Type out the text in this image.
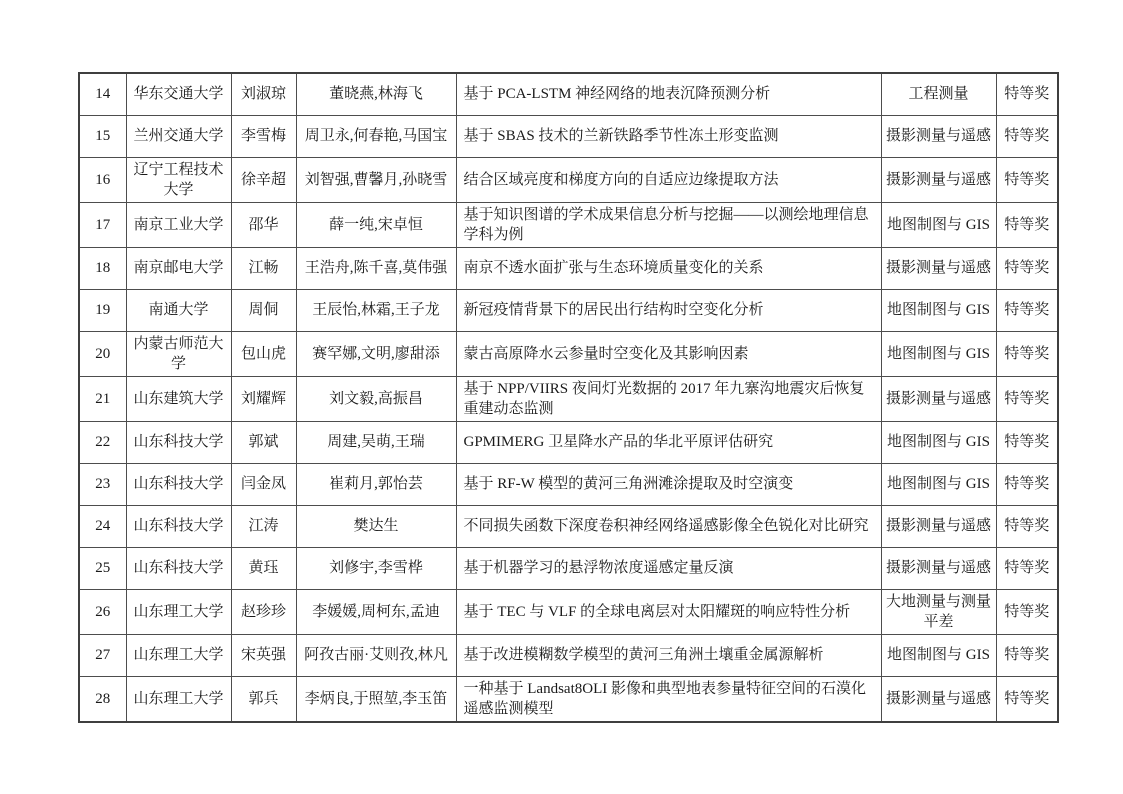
14	华东交通大学	刘淑琼	董晓燕,林海飞	基于 PCA-LSTM 神经网络的地表沉降预测分析	工程测量	特等奖
15	兰州交通大学	李雪梅	周卫永,何春艳,马国宝	基于 SBAS 技术的兰新铁路季节性冻土形变监测	摄影测量与遥感	特等奖
16	辽宁工程技术大学	徐辛超	刘智强,曹馨月,孙晓雪	结合区域亮度和梯度方向的自适应边缘提取方法	摄影测量与遥感	特等奖
17	南京工业大学	邵华	薛一纯,宋卓恒	基于知识图谱的学术成果信息分析与挖掘——以测绘地理信息学科为例	地图制图与 GIS	特等奖
18	南京邮电大学	江畅	王浩舟,陈千喜,莫伟强	南京不透水面扩张与生态环境质量变化的关系	摄影测量与遥感	特等奖
19	南通大学	周侗	王辰怡,林霜,王子龙	新冠疫情背景下的居民出行结构时空变化分析	地图制图与 GIS	特等奖
20	内蒙古师范大学	包山虎	赛罕娜,文明,廖甜添	蒙古高原降水云参量时空变化及其影响因素	地图制图与 GIS	特等奖
21	山东建筑大学	刘耀辉	刘文毅,高振昌	基于 NPP/VIIRS 夜间灯光数据的 2017 年九寨沟地震灾后恢复重建动态监测	摄影测量与遥感	特等奖
22	山东科技大学	郭斌	周建,吴萌,王瑞	GPMIMERG 卫星降水产品的华北平原评估研究	地图制图与 GIS	特等奖
23	山东科技大学	闫金凤	崔莉月,郭怡芸	基于 RF-W 模型的黄河三角洲滩涂提取及时空演变	地图制图与 GIS	特等奖
24	山东科技大学	江涛	樊达生	不同损失函数下深度卷积神经网络遥感影像全色锐化对比研究	摄影测量与遥感	特等奖
25	山东科技大学	黄珏	刘修宇,李雪桦	基于机器学习的悬浮物浓度遥感定量反演	摄影测量与遥感	特等奖
26	山东理工大学	赵珍珍	李媛媛,周柯东,孟迪	基于 TEC 与 VLF 的全球电离层对太阳耀斑的响应特性分析	大地测量与测量平差	特等奖
27	山东理工大学	宋英强	阿孜古丽·艾则孜,林凡	基于改进模糊数学模型的黄河三角洲土壤重金属源解析	地图制图与 GIS	特等奖
28	山东理工大学	郭兵	李炳良,于照堃,李玉笛	一种基于 Landsat8OLI 影像和典型地表参量特征空间的石漠化遥感监测模型	摄影测量与遥感	特等奖
